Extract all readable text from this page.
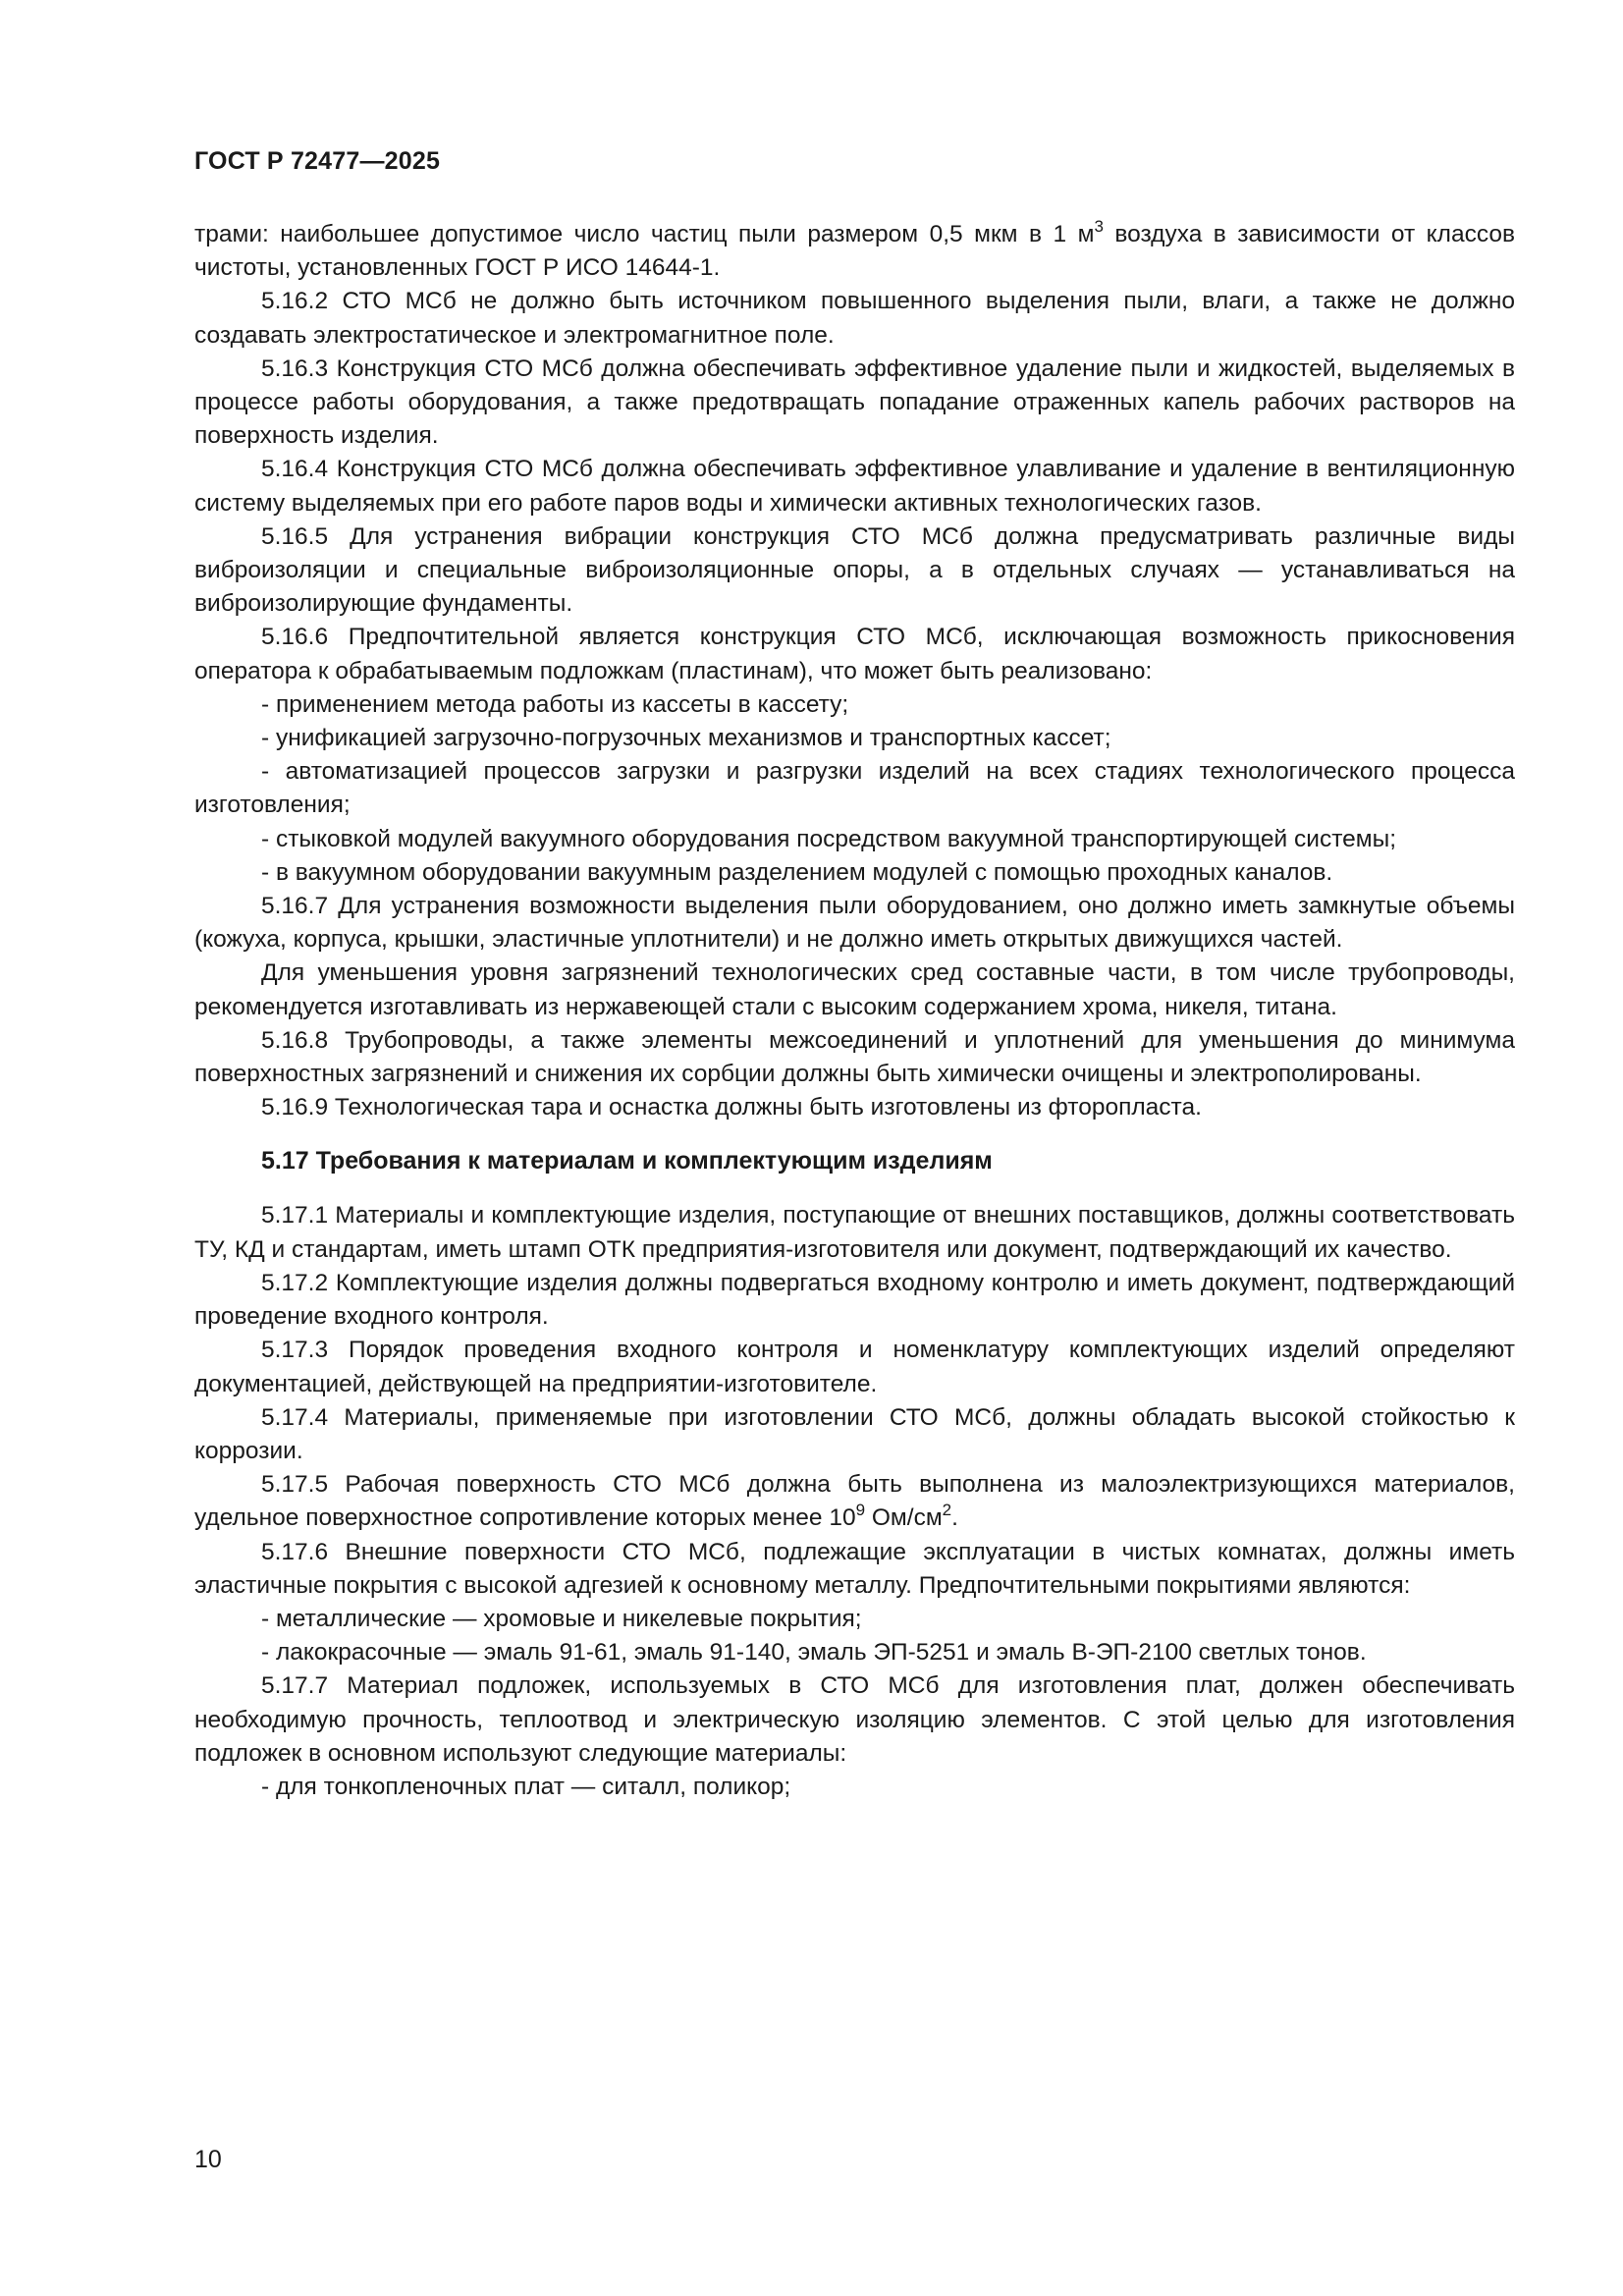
ГОСТ Р 72477—2025

трами: наибольшее допустимое число частиц пыли размером 0,5 мкм в 1 $м^3$ воздуха в зависимости от классов чистоты, установленных ГОСТ Р ИСО 14644-1.

5.16.2 СТО МСб не должно быть источником повышенного выделения пыли, влаги, а также не должно создавать электростатическое и электромагнитное поле.

5.16.3 Конструкция СТО МСб должна обеспечивать эффективное удаление пыли и жидкостей, выделяемых в процессе работы оборудования, а также предотвращать попадание отраженных капель рабочих растворов на поверхность изделия.

5.16.4 Конструкция СТО МСб должна обеспечивать эффективное улавливание и удаление в вентиляционную систему выделяемых при его работе паров воды и химически активных технологических газов.

5.16.5 Для устранения вибрации конструкция СТО МСб должна предусматривать различные виды виброизоляции и специальные виброизоляционные опоры, а в отдельных случаях — устанавливаться на виброизолирующие фундаменты.

5.16.6 Предпочтительной является конструкция СТО МСб, исключающая возможность прикосновения оператора к обрабатываемым подложкам (пластинам), что может быть реализовано:

- применением метода работы из кассеты в кассету;

- унификацией загрузочно-погрузочных механизмов и транспортных кассет;

- автоматизацией процессов загрузки и разгрузки изделий на всех стадиях технологического процесса изготовления;

- стыковкой модулей вакуумного оборудования посредством вакуумной транспортирующей системы;

- в вакуумном оборудовании вакуумным разделением модулей с помощью проходных каналов.

5.16.7 Для устранения возможности выделения пыли оборудованием, оно должно иметь замкнутые объемы (кожуха, корпуса, крышки, эластичные уплотнители) и не должно иметь открытых движущихся частей.

Для уменьшения уровня загрязнений технологических сред составные части, в том числе трубопроводы, рекомендуется изготавливать из нержавеющей стали с высоким содержанием хрома, никеля, титана.

5.16.8 Трубопроводы, а также элементы межсоединений и уплотнений для уменьшения до минимума поверхностных загрязнений и снижения их сорбции должны быть химически очищены и электрополированы.

5.16.9 Технологическая тара и оснастка должны быть изготовлены из фторопласта.

5.17 Требования к материалам и комплектующим изделиям

5.17.1 Материалы и комплектующие изделия, поступающие от внешних поставщиков, должны соответствовать ТУ, КД и стандартам, иметь штамп ОТК предприятия-изготовителя или документ, подтверждающий их качество.

5.17.2 Комплектующие изделия должны подвергаться входному контролю и иметь документ, подтверждающий проведение входного контроля.

5.17.3 Порядок проведения входного контроля и номенклатуру комплектующих изделий определяют документацией, действующей на предприятии-изготовителе.

5.17.4 Материалы, применяемые при изготовлении СТО МСб, должны обладать высокой стойкостью к коррозии.

5.17.5 Рабочая поверхность СТО МСб должна быть выполнена из малоэлектризующихся материалов, удельное поверхностное сопротивление которых менее $10^9$ $Ом/см^2$.

5.17.6 Внешние поверхности СТО МСб, подлежащие эксплуатации в чистых комнатах, должны иметь эластичные покрытия с высокой адгезией к основному металлу. Предпочтительными покрытиями являются:

- металлические — хромовые и никелевые покрытия;

- лакокрасочные — эмаль 91-61, эмаль 91-140, эмаль ЭП-5251 и эмаль В-ЭП-2100 светлых тонов.

5.17.7 Материал подложек, используемых в СТО МСб для изготовления плат, должен обеспечивать необходимую прочность, теплоотвод и электрическую изоляцию элементов. С этой целью для изготовления подложек в основном используют следующие материалы:

- для тонкопленочных плат — ситалл, поликор;

10
